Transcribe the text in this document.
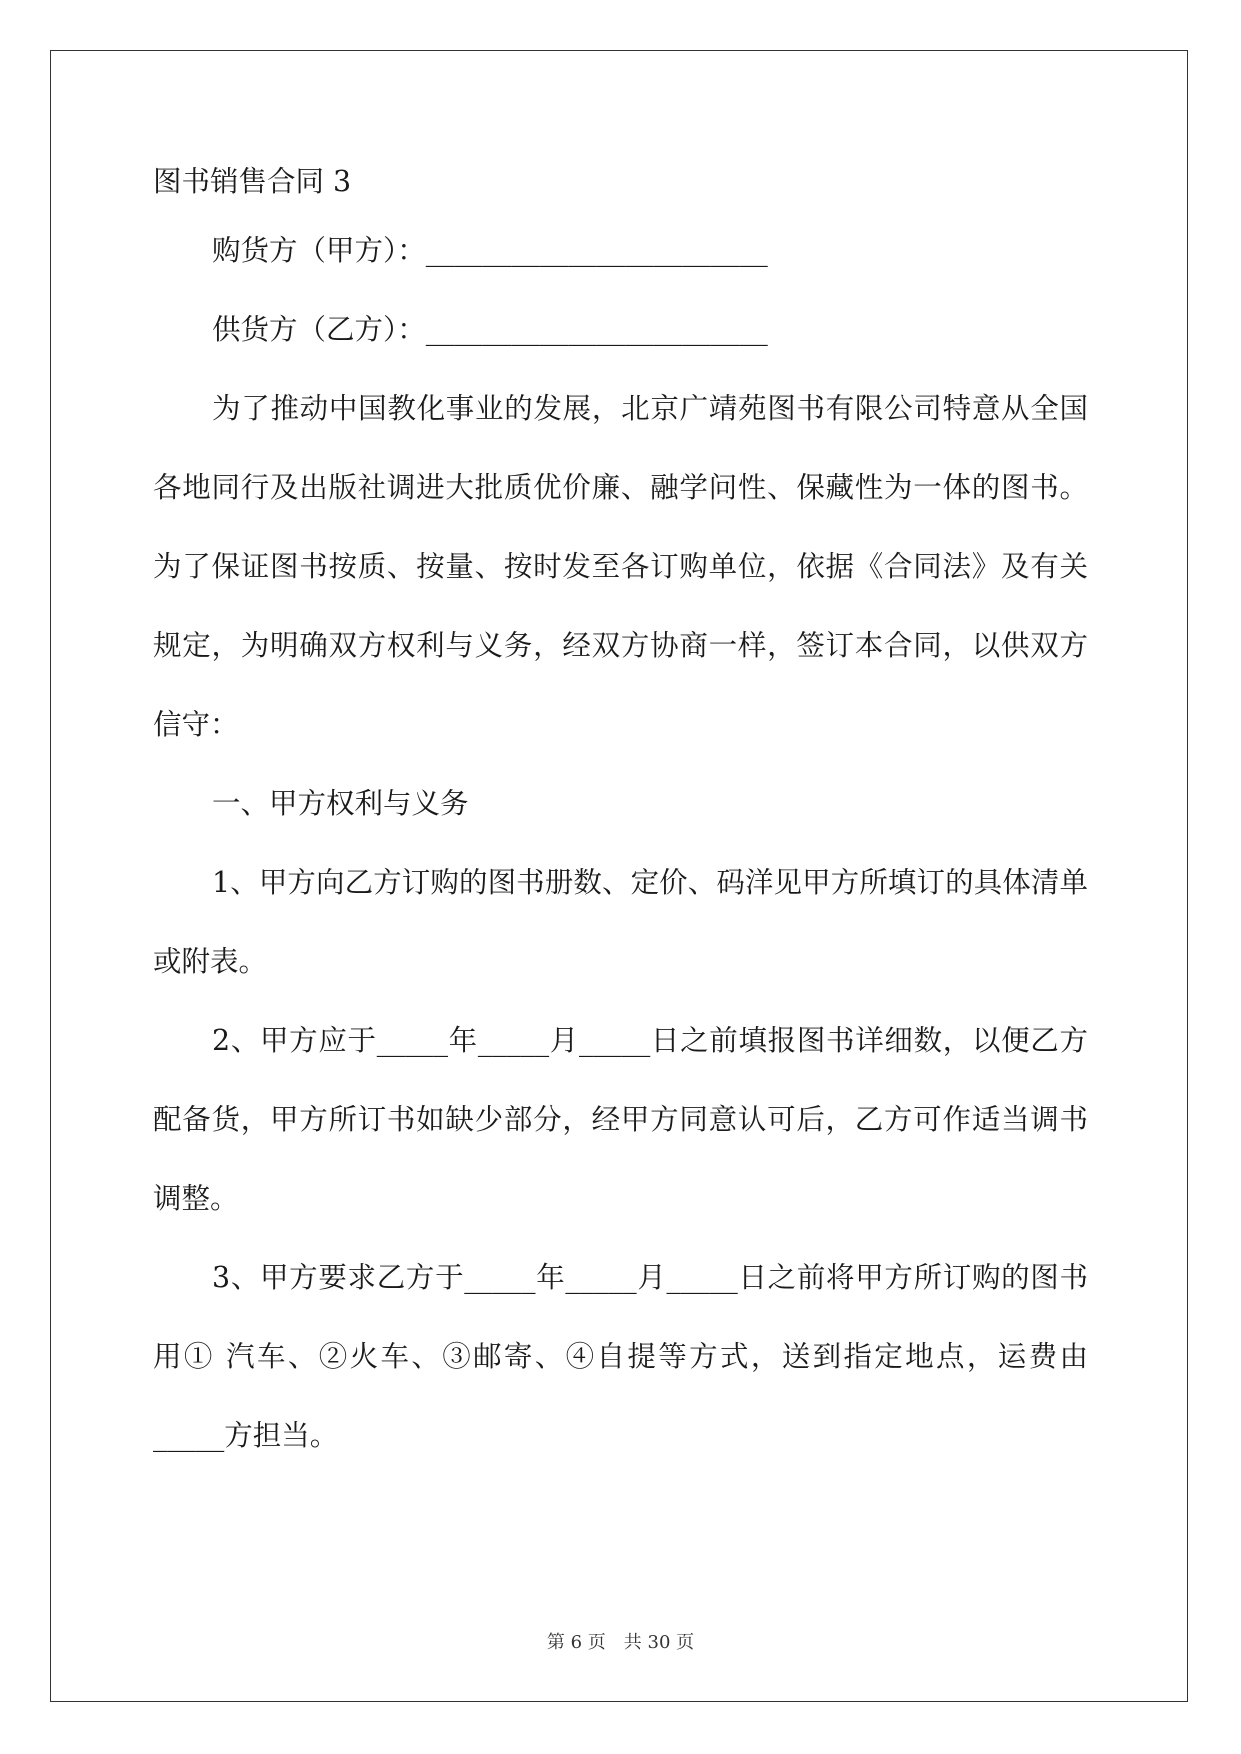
图书销售合同 3

购货方（甲方）：________________________

供货方（乙方）：________________________

为了推动中国教化事业的发展，北京广靖苑图书有限公司特意从全国各地同行及出版社调进大批质优价廉、融学问性、保藏性为一体的图书。为了保证图书按质、按量、按时发至各订购单位，依据《合同法》及有关规定，为明确双方权利与义务，经双方协商一样，签订本合同，以供双方信守：

一、甲方权利与义务

1、甲方向乙方订购的图书册数、定价、码洋见甲方所填订的具体清单或附表。

2、甲方应于_____年_____月_____日之前填报图书详细数，以便乙方配备货，甲方所订书如缺少部分，经甲方同意认可后，乙方可作适当调书调整。

3、甲方要求乙方于_____年_____月_____日之前将甲方所订购的图书用① 汽车、②火车、③邮寄、④自提等方式，送到指定地点，运费由_____方担当。

第 6 页　共 30 页
